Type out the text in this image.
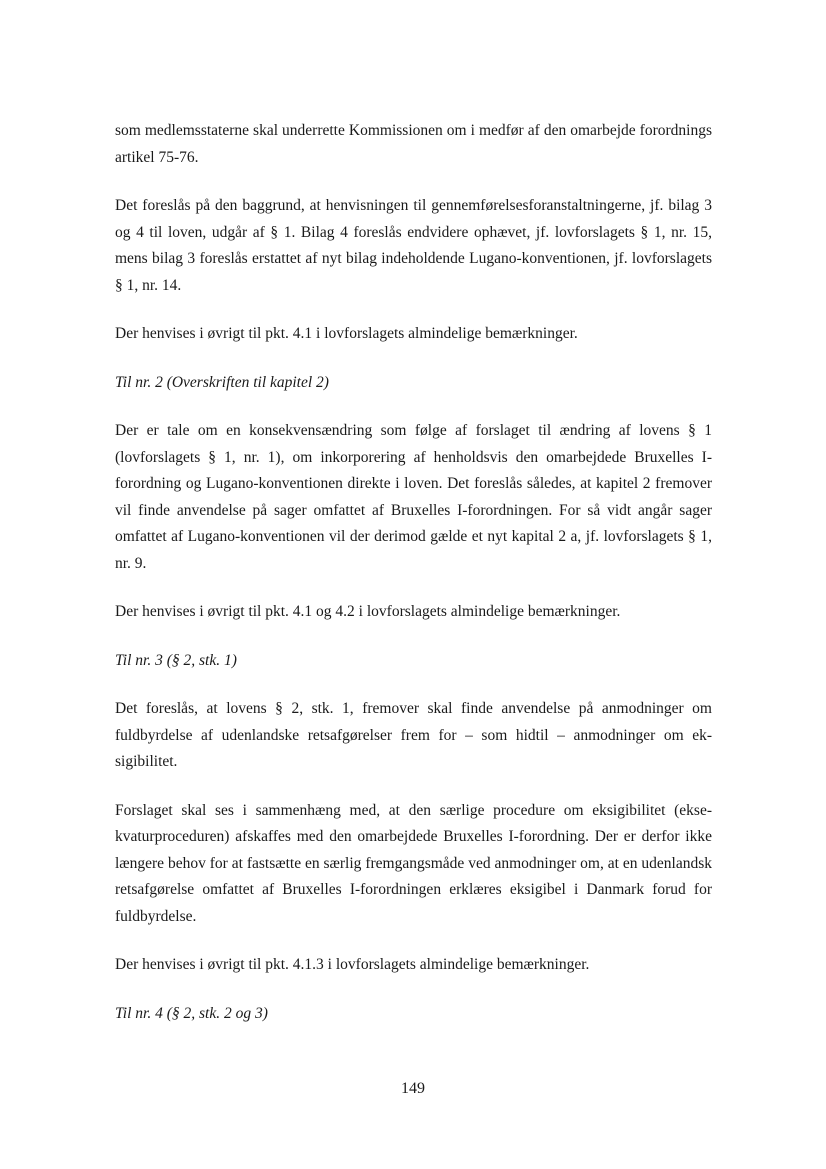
som medlemsstaterne skal underrette Kommissionen om i medfør af den omarbejde forordnings artikel 75-76.

Det foreslås på den baggrund, at henvisningen til gennemførelsesforanstaltningerne, jf. bilag 3 og 4 til loven, udgår af § 1. Bilag 4 foreslås endvidere ophævet, jf. lovforslagets § 1, nr. 15, mens bilag 3 foreslås erstattet af nyt bilag indeholdende Lugano-konventionen, jf. lovforslagets § 1, nr. 14.

Der henvises i øvrigt til pkt. 4.1 i lovforslagets almindelige bemærkninger.

Til nr. 2 (Overskriften til kapitel 2)

Der er tale om en konsekvensændring som følge af forslaget til ændring af lovens § 1 (lovforslagets § 1, nr. 1), om inkorporering af henholdsvis den omarbejdede Bruxelles I-forordning og Lugano-konventionen direkte i loven. Det foreslås således, at kapitel 2 fremover vil finde anvendelse på sager omfattet af Bruxelles I-forordningen. For så vidt angår sager omfattet af Lugano-konventionen vil der derimod gælde et nyt kapital 2 a, jf. lovforslagets § 1, nr. 9.

Der henvises i øvrigt til pkt. 4.1 og 4.2 i lovforslagets almindelige bemærkninger.

Til nr. 3 (§ 2, stk. 1)

Det foreslås, at lovens § 2, stk. 1, fremover skal finde anvendelse på anmodninger om fuldbyrdelse af udenlandske retsafgørelser frem for – som hidtil – anmodninger om ek-sigibilitet.

Forslaget skal ses i sammenhæng med, at den særlige procedure om eksigibilitet (ekse-kvaturproceduren) afskaffes med den omarbejdede Bruxelles I-forordning. Der er derfor ikke længere behov for at fastsætte en særlig fremgangsmåde ved anmodninger om, at en udenlandsk retsafgørelse omfattet af Bruxelles I-forordningen erklæres eksigibel i Danmark forud for fuldbyrdelse.

Der henvises i øvrigt til pkt. 4.1.3 i lovforslagets almindelige bemærkninger.

Til nr. 4 (§ 2, stk. 2 og 3)

149
